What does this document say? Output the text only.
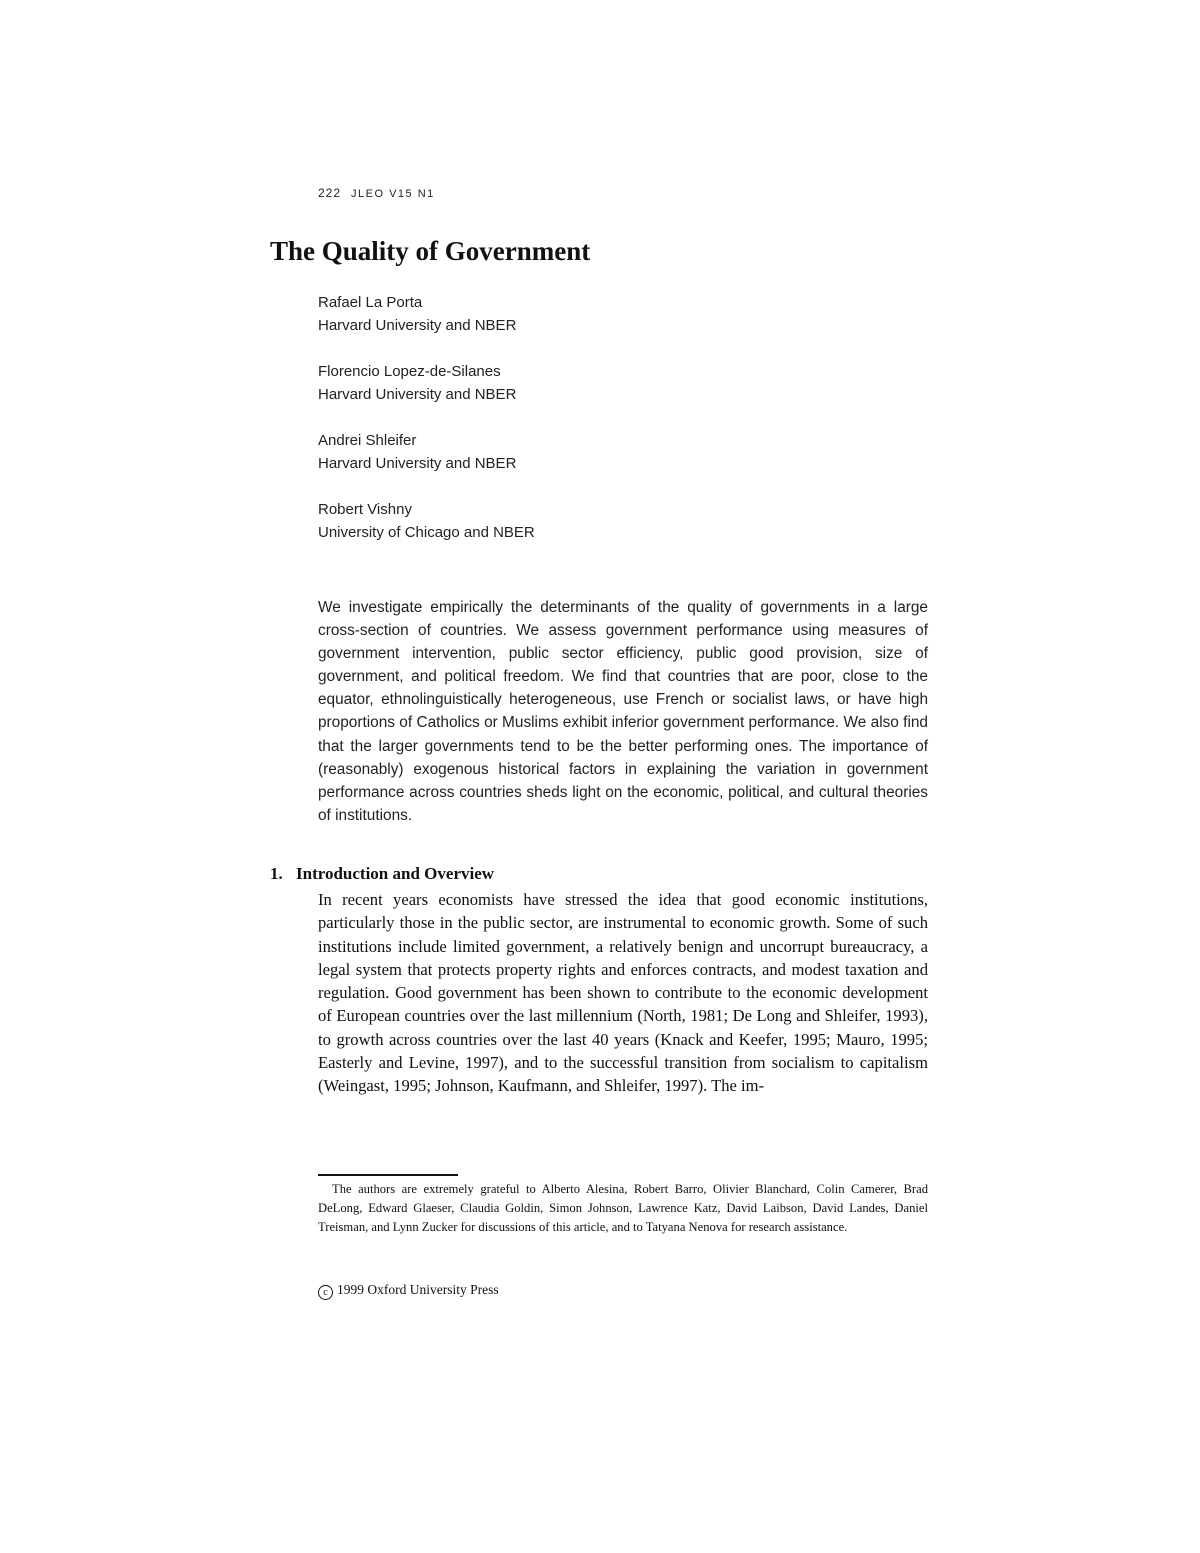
222 JLEO V15 N1
The Quality of Government
Rafael La Porta
Harvard University and NBER
Florencio Lopez-de-Silanes
Harvard University and NBER
Andrei Shleifer
Harvard University and NBER
Robert Vishny
University of Chicago and NBER

We investigate empirically the determinants of the quality of governments in a large cross-section of countries. We assess government performance using measures of government intervention, public sector efficiency, public good provision, size of government, and political freedom. We find that countries that are poor, close to the equator, ethnolinguistically heterogeneous, use French or socialist laws, or have high proportions of Catholics or Muslims exhibit inferior government performance. We also find that the larger governments tend to be the better performing ones. The importance of (reasonably) exogenous historical factors in explaining the variation in government performance across countries sheds light on the economic, political, and cultural theories of institutions.

1. Introduction and Overview

In recent years economists have stressed the idea that good economic institutions, particularly those in the public sector, are instrumental to economic growth. Some of such institutions include limited government, a relatively benign and uncorrupt bureaucracy, a legal system that protects property rights and enforces contracts, and modest taxation and regulation. Good government has been shown to contribute to the economic development of European countries over the last millennium (North, 1981; De Long and Shleifer, 1993), to growth across countries over the last 40 years (Knack and Keefer, 1995; Mauro, 1995; Easterly and Levine, 1997), and to the successful transition from socialism to capitalism (Weingast, 1995; Johnson, Kaufmann, and Shleifer, 1997). The im-

The authors are extremely grateful to Alberto Alesina, Robert Barro, Olivier Blanchard, Colin Camerer, Brad DeLong, Edward Glaeser, Claudia Goldin, Simon Johnson, Lawrence Katz, David Laibson, David Landes, Daniel Treisman, and Lynn Zucker for discussions of this article, and to Tatyana Nenova for research assistance.

c 1999 Oxford University Press
